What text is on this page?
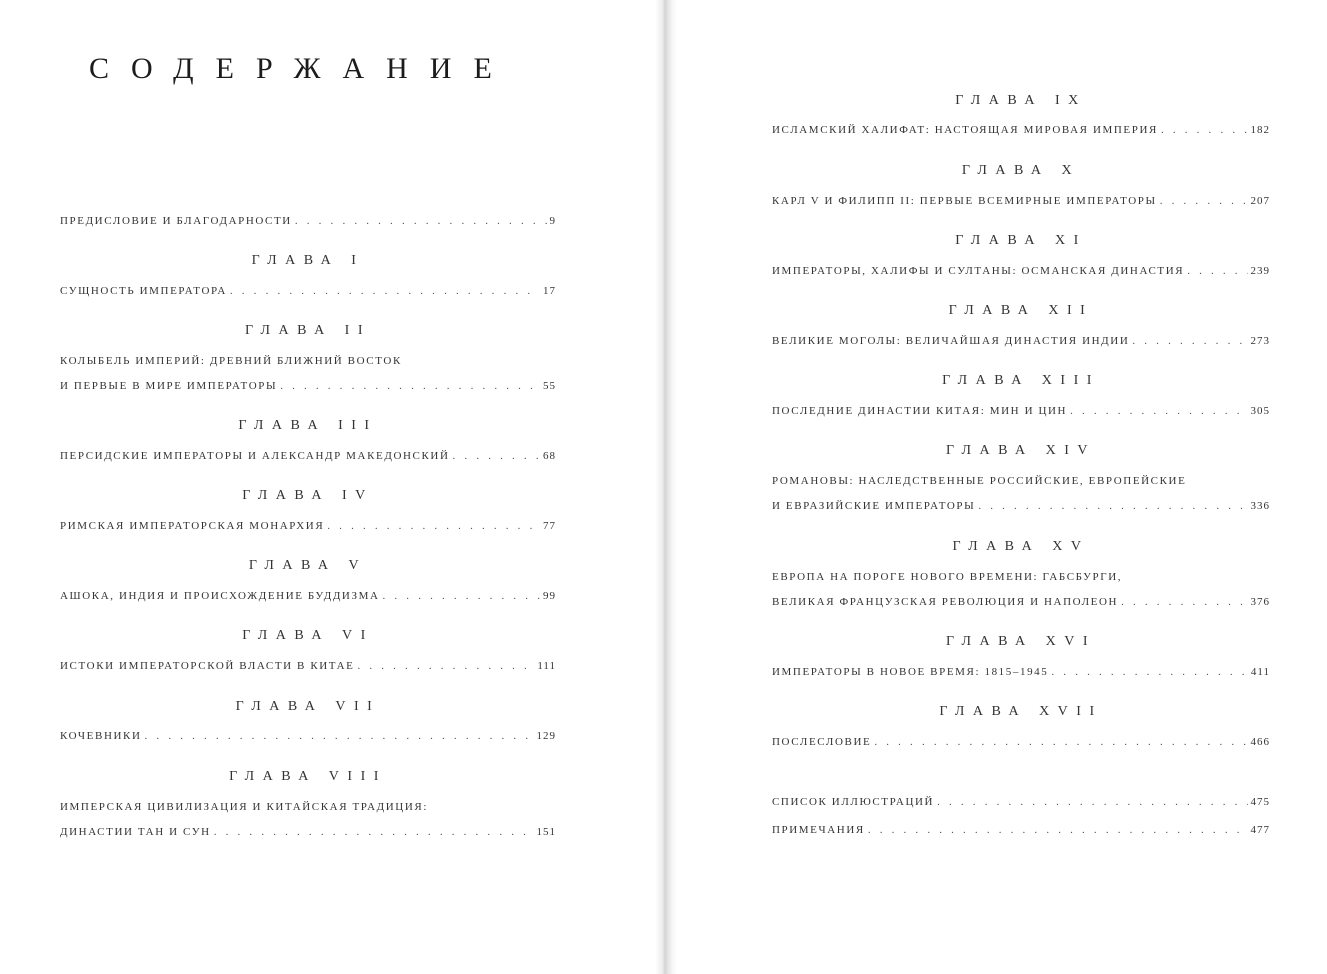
СОДЕРЖАНИЕ
ПРЕДИСЛОВИЕ И БЛАГОДАРНОСТИ . . .	9
ГЛАВА I
СУЩНОСТЬ ИМПЕРАТОРА . . .	17
ГЛАВА II
КОЛЫБЕЛЬ ИМПЕРИЙ: ДРЕВНИЙ БЛИЖНИЙ ВОСТОК
И ПЕРВЫЕ В МИРЕ ИМПЕРАТОРЫ . . .	55
ГЛАВА III
ПЕРСИДСКИЕ ИМПЕРАТОРЫ И АЛЕКСАНДР МАКЕДОНСКИЙ . . .	68
ГЛАВА IV
РИМСКАЯ ИМПЕРАТОРСКАЯ МОНАРХИЯ . . .	77
ГЛАВА V
АШОКА, ИНДИЯ И ПРОИСХОЖДЕНИЕ БУДДИЗМА . . .	99
ГЛАВА VI
ИСТОКИ ИМПЕРАТОРСКОЙ ВЛАСТИ В КИТАЕ . . .	111
ГЛАВА VII
КОЧЕВНИКИ . . .	129
ГЛАВА VIII
ИМПЕРСКАЯ ЦИВИЛИЗАЦИЯ И КИТАЙСКАЯ ТРАДИЦИЯ:
ДИНАСТИИ ТАН И СУН . . .	151
ГЛАВА IX
ИСЛАМСКИЙ ХАЛИФАТ: НАСТОЯЩАЯ МИРОВАЯ ИМПЕРИЯ . . .	182
ГЛАВА X
КАРЛ V И ФИЛИПП II: ПЕРВЫЕ ВСЕМИРНЫЕ ИМПЕРАТОРЫ . . .	207
ГЛАВА XI
ИМПЕРАТОРЫ, ХАЛИФЫ И СУЛТАНЫ: ОСМАНСКАЯ ДИНАСТИЯ . . .	239
ГЛАВА XII
ВЕЛИКИЕ МОГОЛЫ: ВЕЛИЧАЙШАЯ ДИНАСТИЯ ИНДИИ . . .	273
ГЛАВА XIII
ПОСЛЕДНИЕ ДИНАСТИИ КИТАЯ: МИН И ЦИН . . .	305
ГЛАВА XIV
РОМАНОВЫ: НАСЛЕДСТВЕННЫЕ РОССИЙСКИЕ, ЕВРОПЕЙСКИЕ
И ЕВРАЗИЙСКИЕ ИМПЕРАТОРЫ . . .	336
ГЛАВА XV
ЕВРОПА НА ПОРОГЕ НОВОГО ВРЕМЕНИ: ГАБСБУРГИ,
ВЕЛИКАЯ ФРАНЦУЗСКАЯ РЕВОЛЮЦИЯ И НАПОЛЕОН . . .	376
ГЛАВА XVI
ИМПЕРАТОРЫ В НОВОЕ ВРЕМЯ: 1815–1945 . . .	411
ГЛАВА XVII
ПОСЛЕСЛОВИЕ . . .	466
СПИСОК ИЛЛЮСТРАЦИЙ . . .	475
ПРИМЕЧАНИЯ . . .	477
